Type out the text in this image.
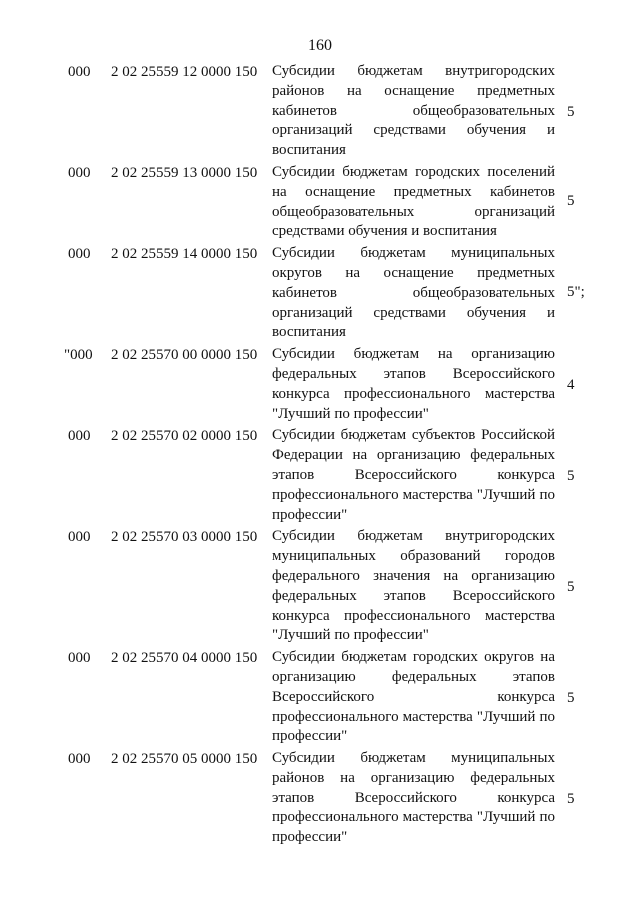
160
000	2 02 25559 12 0000 150 Субсидии бюджетам внутригородских районов на оснащение предметных кабинетов общеобразовательных организаций средствами обучения и воспитания
5
000	2 02 25559 13 0000 150 Субсидии бюджетам городских поселений на оснащение предметных кабинетов общеобразовательных организаций средствами обучения и воспитания
5
000	2 02 25559 14 0000 150 Субсидии бюджетам муниципальных округов на оснащение предметных кабинетов общеобразовательных организаций средствами обучения и воспитания
5";
"000	2 02 25570 00 0000 150 Субсидии бюджетам на организацию федеральных этапов Всероссийского конкурса профессионального мастерства "Лучший по профессии"
4
000	2 02 25570 02 0000 150 Субсидии бюджетам субъектов Российской Федерации на организацию федеральных этапов Всероссийского конкурса профессионального мастерства "Лучший по профессии"
5
000	2 02 25570 03 0000 150 Субсидии бюджетам внутригородских муниципальных образований городов федерального значения на организацию федеральных этапов Всероссийского конкурса профессионального мастерства "Лучший по профессии"
5
000	2 02 25570 04 0000 150 Субсидии бюджетам городских округов на организацию федеральных этапов Всероссийского конкурса профессионального мастерства "Лучший по профессии"
5
000	2 02 25570 05 0000 150 Субсидии бюджетам муниципальных районов на организацию федеральных этапов Всероссийского конкурса профессионального мастерства "Лучший по профессии"
5
